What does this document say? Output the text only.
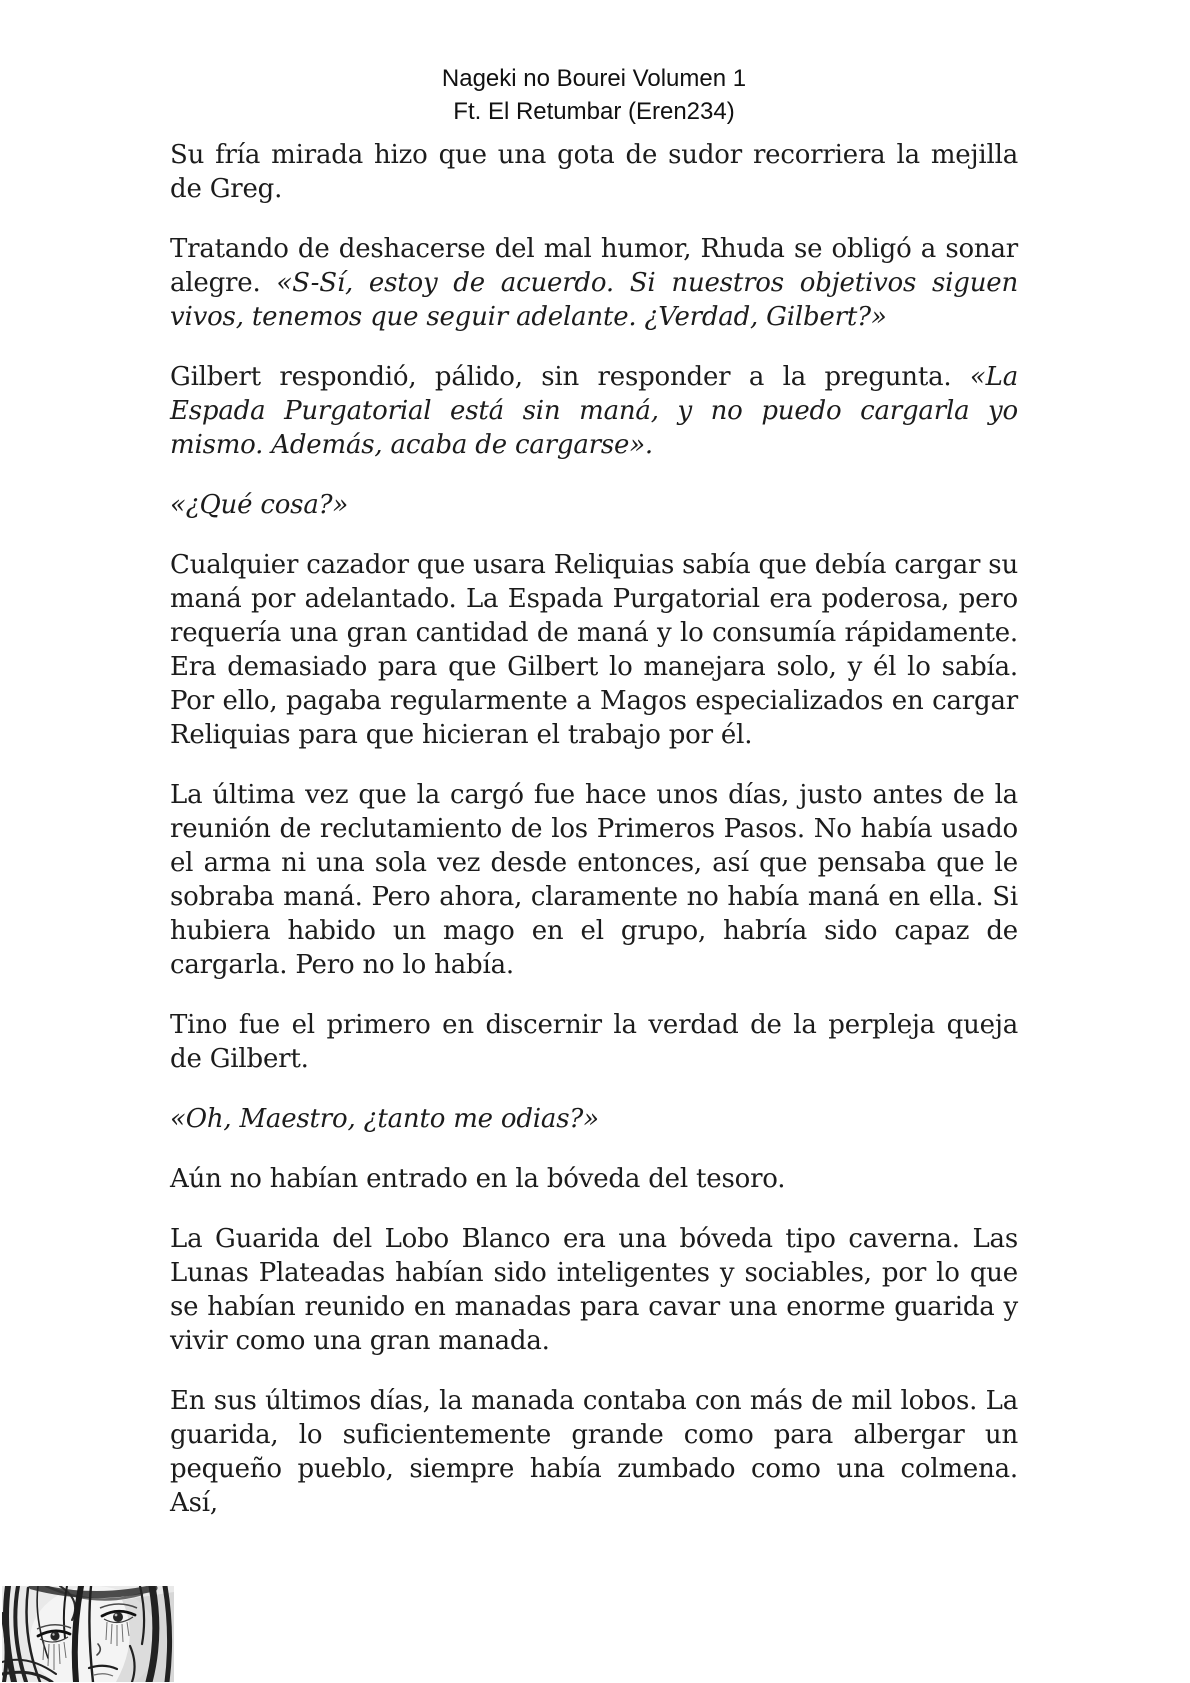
Nageki no Bourei Volumen 1
Ft. El Retumbar (Eren234)

Su fría mirada hizo que una gota de sudor recorriera la mejilla de Greg.

Tratando de deshacerse del mal humor, Rhuda se obligó a sonar alegre. «S-Sí, estoy de acuerdo. Si nuestros objetivos siguen vivos, tenemos que seguir adelante. ¿Verdad, Gilbert?»

Gilbert respondió, pálido, sin responder a la pregunta. «La Espada Purgatorial está sin maná, y no puedo cargarla yo mismo. Además, acaba de cargarse».

«¿Qué cosa?»

Cualquier cazador que usara Reliquias sabía que debía cargar su maná por adelantado. La Espada Purgatorial era poderosa, pero requería una gran cantidad de maná y lo consumía rápidamente. Era demasiado para que Gilbert lo manejara solo, y él lo sabía. Por ello, pagaba regularmente a Magos especializados en cargar Reliquias para que hicieran el trabajo por él.

La última vez que la cargó fue hace unos días, justo antes de la reunión de reclutamiento de los Primeros Pasos. No había usado el arma ni una sola vez desde entonces, así que pensaba que le sobraba maná. Pero ahora, claramente no había maná en ella. Si hubiera habido un mago en el grupo, habría sido capaz de cargarla. Pero no lo había.

Tino fue el primero en discernir la verdad de la perpleja queja de Gilbert.

«Oh, Maestro, ¿tanto me odias?»

Aún no habían entrado en la bóveda del tesoro.

La Guarida del Lobo Blanco era una bóveda tipo caverna. Las Lunas Plateadas habían sido inteligentes y sociables, por lo que se habían reunido en manadas para cavar una enorme guarida y vivir como una gran manada.

En sus últimos días, la manada contaba con más de mil lobos. La guarida, lo suficientemente grande como para albergar un pequeño pueblo, siempre había zumbado como una colmena. Así,
